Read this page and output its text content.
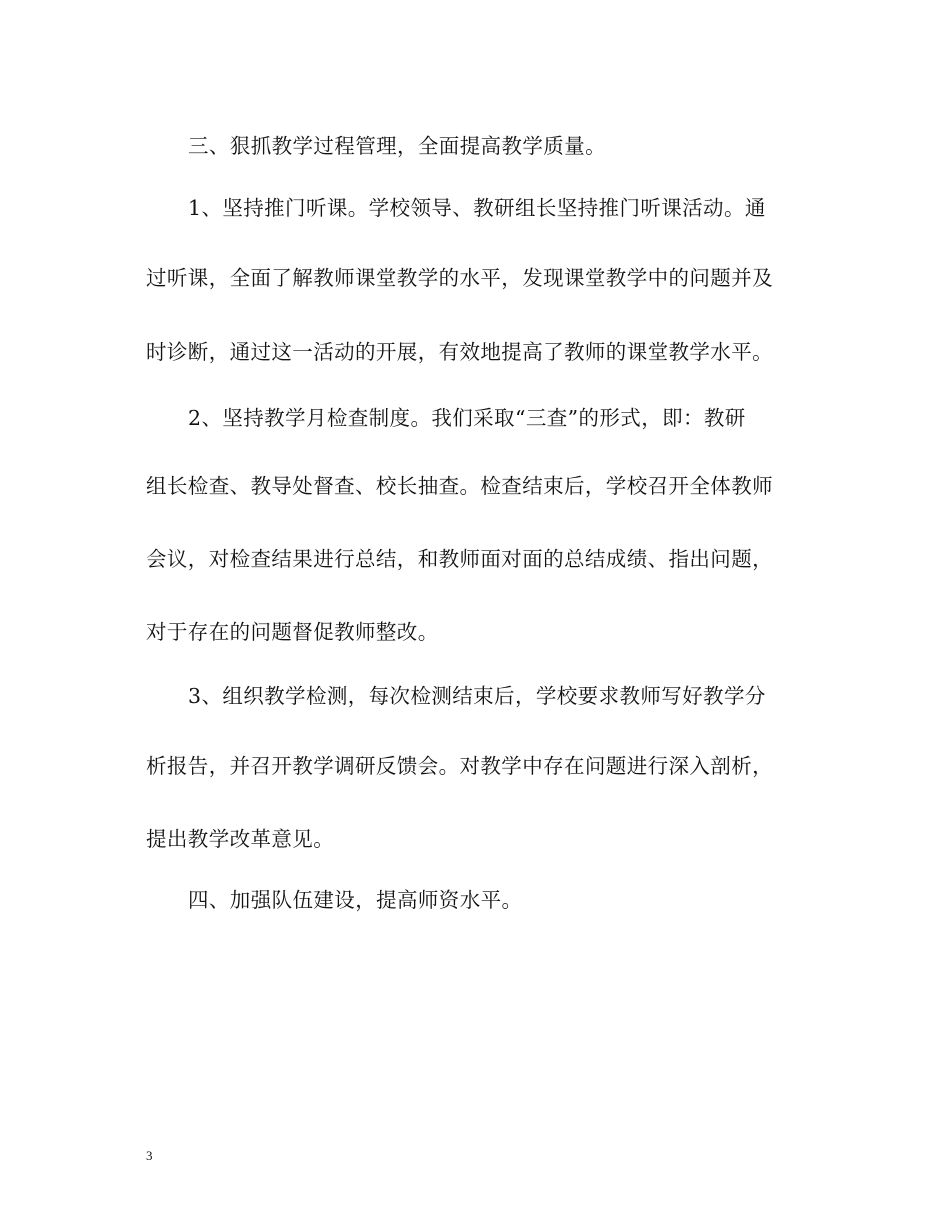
三、狠抓教学过程管理，全面提高教学质量。
1、坚持推门听课。学校领导、教研组长坚持推门听课活动。通
过听课，全面了解教师课堂教学的水平，发现课堂教学中的问题并及
时诊断，通过这一活动的开展，有效地提高了教师的课堂教学水平。
2、坚持教学月检查制度。我们采取“三查”的形式，即：教研
组长检查、教导处督查、校长抽查。检查结束后，学校召开全体教师
会议，对检查结果进行总结，和教师面对面的总结成绩、指出问题，
对于存在的问题督促教师整改。
3、组织教学检测，每次检测结束后，学校要求教师写好教学分
析报告，并召开教学调研反馈会。对教学中存在问题进行深入剖析，
提出教学改革意见。
四、加强队伍建设，提高师资水平。
3
